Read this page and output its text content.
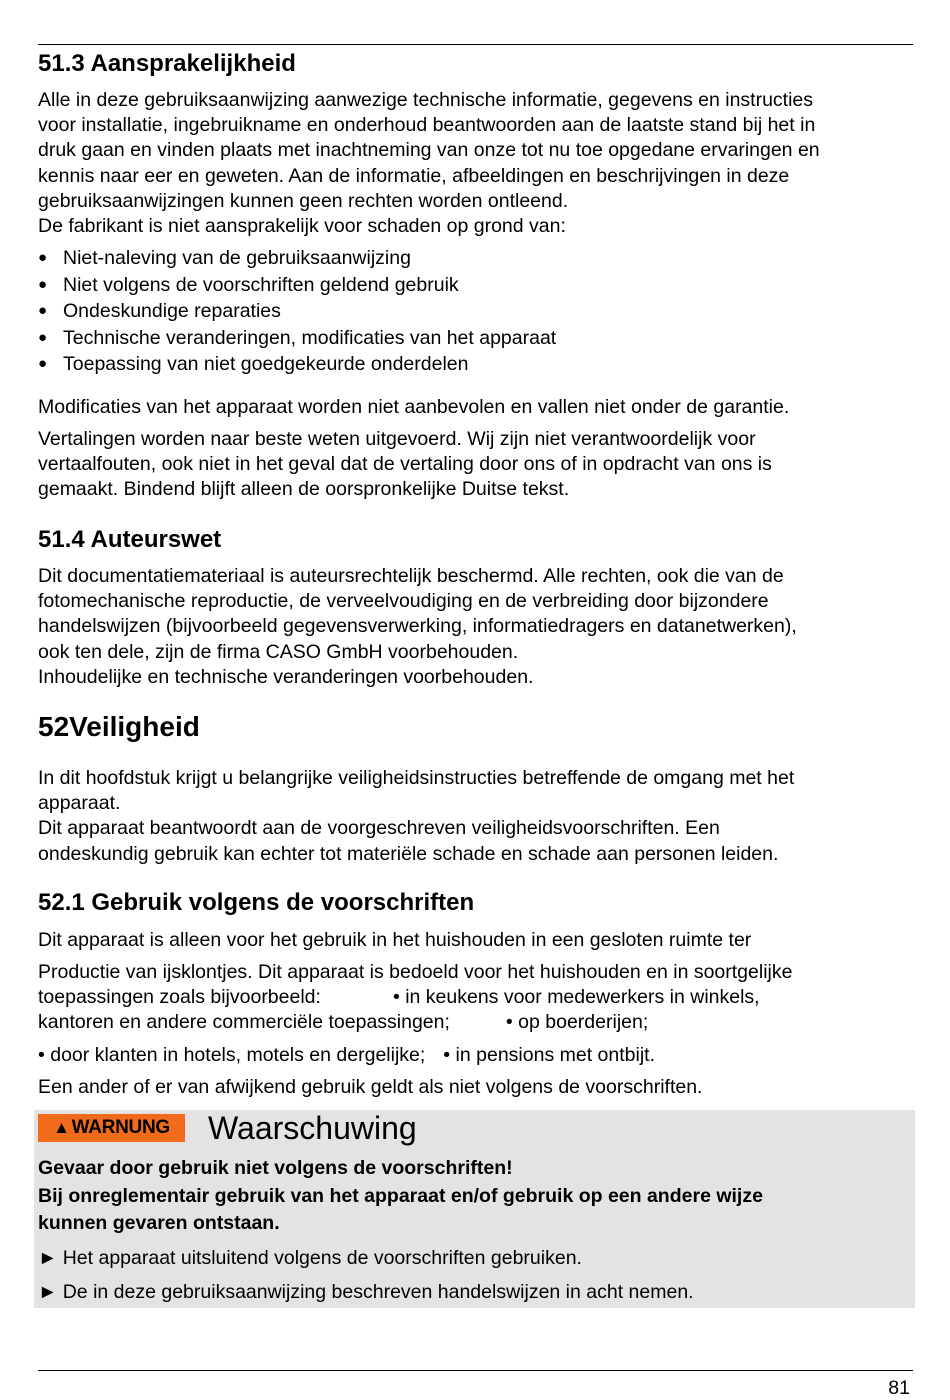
51.3 Aansprakelijkheid
Alle in deze gebruiksaanwijzing aanwezige technische informatie, gegevens en instructies
voor installatie, ingebruikname en onderhoud beantwoorden aan de laatste stand bij het in
druk gaan en vinden plaats met inachtneming van onze tot nu toe opgedane ervaringen en
kennis naar eer en geweten. Aan de informatie, afbeeldingen en beschrijvingen in deze
gebruiksaanwijzingen kunnen geen rechten worden ontleend.
De fabrikant is niet aansprakelijk voor schaden op grond van:
● Niet-naleving van de gebruiksaanwijzing
● Niet volgens de voorschriften geldend gebruik
● Ondeskundige reparaties
● Technische veranderingen, modificaties van het apparaat
● Toepassing van niet goedgekeurde onderdelen
Modificaties van het apparaat worden niet aanbevolen en vallen niet onder de garantie.
Vertalingen worden naar beste weten uitgevoerd. Wij zijn niet verantwoordelijk voor
vertaalfouten, ook niet in het geval dat de vertaling door ons of in opdracht van ons is
gemaakt. Bindend blijft alleen de oorspronkelijke Duitse tekst.
51.4 Auteurswet
Dit documentatiemateriaal is auteursrechtelijk beschermd. Alle rechten, ook die van de
fotomechanische reproductie, de verveelvoudiging en de verbreiding door bijzondere
handelswijzen (bijvoorbeeld gegevensverwerking, informatiedragers en datanetwerken),
ook ten dele, zijn de firma CASO GmbH voorbehouden.
Inhoudelijke en technische veranderingen voorbehouden.
52Veiligheid
In dit hoofdstuk krijgt u belangrijke veiligheidsinstructies betreffende de omgang met het
apparaat.
Dit apparaat beantwoordt aan de voorgeschreven veiligheidsvoorschriften. Een
ondeskundig gebruik kan echter tot materiële schade en schade aan personen leiden.
52.1 Gebruik volgens de voorschriften
Dit apparaat is alleen voor het gebruik in het huishouden in een gesloten ruimte ter
Productie van ijsklontjes. Dit apparaat is bedoeld voor het huishouden en in soortgelijke
toepassingen zoals bijvoorbeeld:	• in keukens voor medewerkers in winkels,
kantoren en andere commerciële toepassingen;	• op boerderijen;
• door klanten in hotels, motels en dergelijke; • in pensions met ontbijt.
Een ander of er van afwijkend gebruik geldt als niet volgens de voorschriften.
▲ WARNUNG Waarschuwing
Gevaar door gebruik niet volgens de voorschriften!
Bij onreglementair gebruik van het apparaat en/of gebruik op een andere wijze
kunnen gevaren ontstaan.
► Het apparaat uitsluitend volgens de voorschriften gebruiken.
► De in deze gebruiksaanwijzing beschreven handelswijzen in acht nemen.
81
